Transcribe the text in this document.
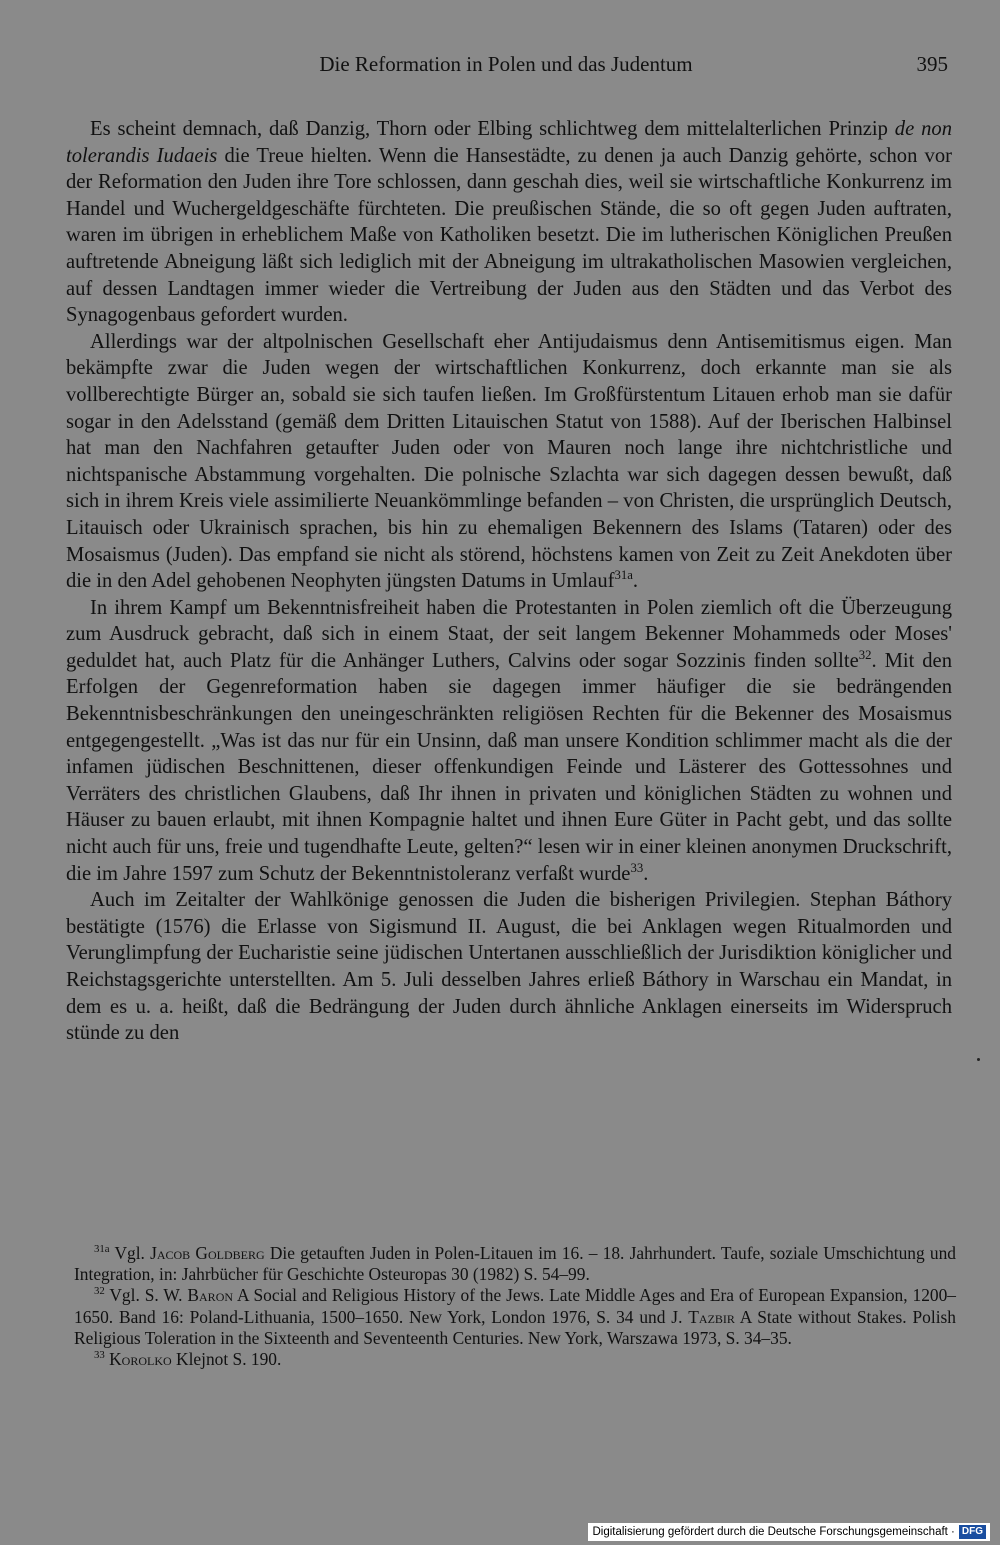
Die Reformation in Polen und das Judentum	395

Es scheint demnach, daß Danzig, Thorn oder Elbing schlichtweg dem mittelalterlichen Prinzip de non tolerandis Iudaeis die Treue hielten. Wenn die Hansestädte, zu denen ja auch Danzig gehörte, schon vor der Reformation den Juden ihre Tore schlossen, dann geschah dies, weil sie wirtschaftliche Konkurrenz im Handel und Wuchergeldgeschäfte fürchteten. Die preußischen Stände, die so oft gegen Juden auftraten, waren im übrigen in erheblichem Maße von Katholiken besetzt. Die im lutherischen Königlichen Preußen auftretende Abneigung läßt sich lediglich mit der Abneigung im ultrakatholischen Masowien vergleichen, auf dessen Landtagen immer wieder die Vertreibung der Juden aus den Städten und das Verbot des Synagogenbaus gefordert wurden.

Allerdings war der altpolnischen Gesellschaft eher Antijudaismus denn Antisemitismus eigen. Man bekämpfte zwar die Juden wegen der wirtschaftlichen Konkurrenz, doch erkannte man sie als vollberechtigte Bürger an, sobald sie sich taufen ließen. Im Großfürstentum Litauen erhob man sie dafür sogar in den Adelsstand (gemäß dem Dritten Litauischen Statut von 1588). Auf der Iberischen Halbinsel hat man den Nachfahren getaufter Juden oder von Mauren noch lange ihre nichtchristliche und nichtspanische Abstammung vorgehalten. Die polnische Szlachta war sich dagegen dessen bewußt, daß sich in ihrem Kreis viele assimilierte Neuankömmlinge befanden – von Christen, die ursprünglich Deutsch, Litauisch oder Ukrainisch sprachen, bis hin zu ehemaligen Bekennern des Islams (Tataren) oder des Mosaismus (Juden). Das empfand sie nicht als störend, höchstens kamen von Zeit zu Zeit Anekdoten über die in den Adel gehobenen Neophyten jüngsten Datums in Umlauf$^{31a}$.

In ihrem Kampf um Bekenntnisfreiheit haben die Protestanten in Polen ziemlich oft die Überzeugung zum Ausdruck gebracht, daß sich in einem Staat, der seit langem Bekenner Mohammeds oder Moses' geduldet hat, auch Platz für die Anhänger Luthers, Calvins oder sogar Sozzinis finden sollte$^{32}$. Mit den Erfolgen der Gegenreformation haben sie dagegen immer häufiger die sie bedrängenden Bekenntnisbeschränkungen den uneingeschränkten religiösen Rechten für die Bekenner des Mosaismus entgegengestellt. „Was ist das nur für ein Unsinn, daß man unsere Kondition schlimmer macht als die der infamen jüdischen Beschnittenen, dieser offenkundigen Feinde und Lästerer des Gottessohnes und Verräters des christlichen Glaubens, daß Ihr ihnen in privaten und königlichen Städten zu wohnen und Häuser zu bauen erlaubt, mit ihnen Kompagnie haltet und ihnen Eure Güter in Pacht gebt, und das sollte nicht auch für uns, freie und tugendhafte Leute, gelten?“ lesen wir in einer kleinen anonymen Druckschrift, die im Jahre 1597 zum Schutz der Bekenntnistoleranz verfaßt wurde$^{33}$.

Auch im Zeitalter der Wahlkönige genossen die Juden die bisherigen Privilegien. Stephan Báthory bestätigte (1576) die Erlasse von Sigismund II. August, die bei Anklagen wegen Ritualmorden und Verunglimpfung der Eucharistie seine jüdischen Untertanen ausschließlich der Jurisdiktion königlicher und Reichstagsgerichte unterstellten. Am 5. Juli desselben Jahres erließ Báthory in Warschau ein Mandat, in dem es u. a. heißt, daß die Bedrängung der Juden durch ähnliche Anklagen einerseits im Widerspruch stünde zu den

$^{31a}$ Vgl. Jacob Goldberg Die getauften Juden in Polen-Litauen im 16. – 18. Jahrhundert. Taufe, soziale Umschichtung und Integration, in: Jahrbücher für Geschichte Osteuropas 30 (1982) S. 54–99.

$^{32}$ Vgl. S. W. Baron A Social and Religious History of the Jews. Late Middle Ages and Era of European Expansion, 1200–1650. Band 16: Poland-Lithuania, 1500–1650. New York, London 1976, S. 34 und J. Tazbir A State without Stakes. Polish Religious Toleration in the Sixteenth and Seventeenth Centuries. New York, Warszawa 1973, S. 34–35.

$^{33}$ Korolko Klejnot S. 190.

Digitalisierung gefördert durch die Deutsche Forschungsgemeinschaft · DFG
